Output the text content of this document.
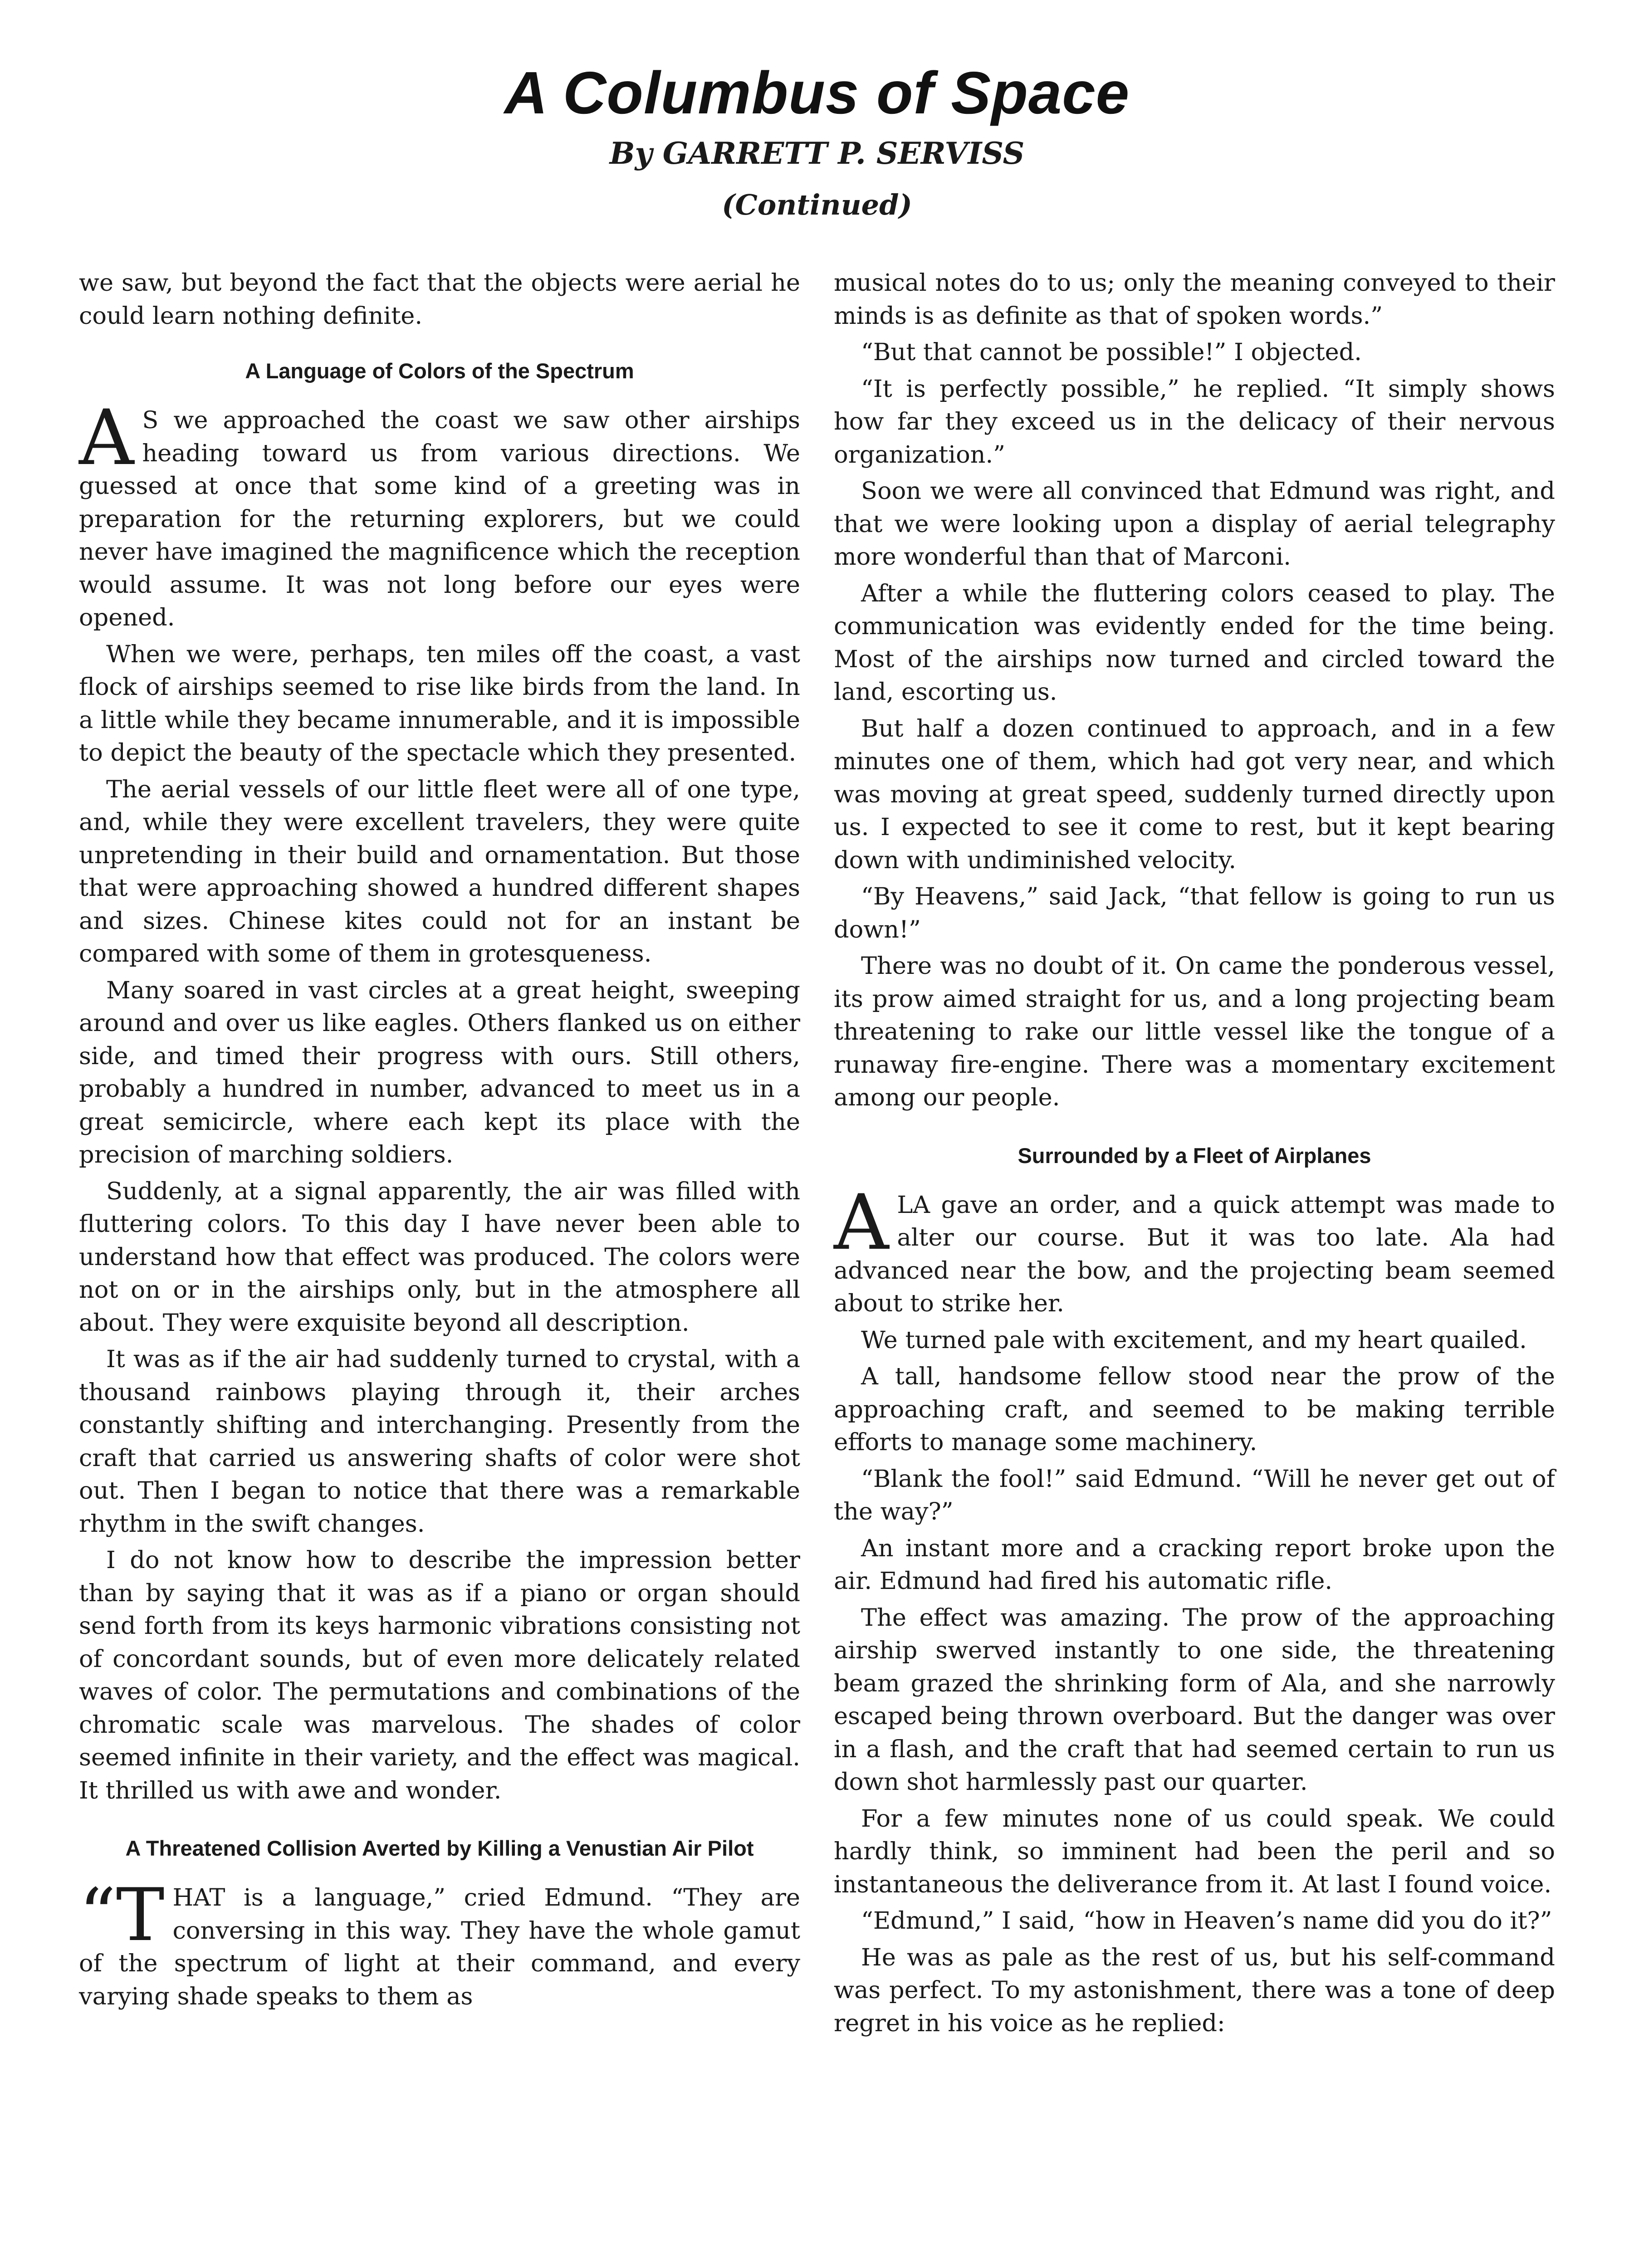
A Columbus of Space
By GARRETT P. SERVISS
(Continued)

we saw, but beyond the fact that the objects were aerial he could learn nothing definite.

A Language of Colors of the Spectrum

A S we approached the coast we saw other airships heading toward us from various directions. We guessed at once that some kind of a greeting was in preparation for the returning explorers, but we could never have imagined the magnificence which the reception would assume. It was not long before our eyes were opened.

When we were, perhaps, ten miles off the coast, a vast flock of airships seemed to rise like birds from the land. In a little while they became innumerable, and it is impossible to depict the beauty of the spectacle which they presented.

The aerial vessels of our little fleet were all of one type, and, while they were excellent travelers, they were quite unpretending in their build and ornamentation. But those that were approaching showed a hundred different shapes and sizes. Chinese kites could not for an instant be compared with some of them in grotesqueness.

Many soared in vast circles at a great height, sweeping around and over us like eagles. Others flanked us on either side, and timed their progress with ours. Still others, probably a hundred in number, advanced to meet us in a great semicircle, where each kept its place with the precision of marching soldiers.

Suddenly, at a signal apparently, the air was filled with fluttering colors. To this day I have never been able to understand how that effect was produced. The colors were not on or in the airships only, but in the atmosphere all about. They were exquisite beyond all description.

It was as if the air had suddenly turned to crystal, with a thousand rainbows playing through it, their arches constantly shifting and interchanging. Presently from the craft that carried us answering shafts of color were shot out. Then I began to notice that there was a remarkable rhythm in the swift changes.

I do not know how to describe the impression better than by saying that it was as if a piano or organ should send forth from its keys harmonic vibrations consisting not of concordant sounds, but of even more delicately related waves of color. The permutations and combinations of the chromatic scale was marvelous. The shades of color seemed infinite in their variety, and the effect was magical. It thrilled us with awe and wonder.

A Threatened Collision Averted by Killing a Venustian Air Pilot

“THAT is a language,” cried Edmund. “They are conversing in this way. They have the whole gamut of the spectrum of light at their command, and every varying shade speaks to them as

musical notes do to us; only the meaning conveyed to their minds is as definite as that of spoken words.”

“But that cannot be possible!” I objected.

“It is perfectly possible,” he replied. “It simply shows how far they exceed us in the delicacy of their nervous organization.”

Soon we were all convinced that Edmund was right, and that we were looking upon a display of aerial telegraphy more wonderful than that of Marconi.

After a while the fluttering colors ceased to play. The communication was evidently ended for the time being. Most of the airships now turned and circled toward the land, escorting us.

But half a dozen continued to approach, and in a few minutes one of them, which had got very near, and which was moving at great speed, suddenly turned directly upon us. I expected to see it come to rest, but it kept bearing down with undiminished velocity.

“By Heavens,” said Jack, “that fellow is going to run us down!”

There was no doubt of it. On came the ponderous vessel, its prow aimed straight for us, and a long projecting beam threatening to rake our little vessel like the tongue of a runaway fire-engine. There was a momentary excitement among our people.

Surrounded by a Fleet of Airplanes

ALA gave an order, and a quick attempt was made to alter our course. But it was too late. Ala had advanced near the bow, and the projecting beam seemed about to strike her.

We turned pale with excitement, and my heart quailed.

A tall, handsome fellow stood near the prow of the approaching craft, and seemed to be making terrible efforts to manage some machinery.

“Blank the fool!” said Edmund. “Will he never get out of the way?”

An instant more and a cracking report broke upon the air. Edmund had fired his automatic rifle.

The effect was amazing. The prow of the approaching airship swerved instantly to one side, the threatening beam grazed the shrinking form of Ala, and she narrowly escaped being thrown overboard. But the danger was over in a flash, and the craft that had seemed certain to run us down shot harmlessly past our quarter.

For a few minutes none of us could speak. We could hardly think, so imminent had been the peril and so instantaneous the deliverance from it. At last I found voice.

“Edmund,” I said, “how in Heaven’s name did you do it?”

He was as pale as the rest of us, but his self-command was perfect. To my astonishment, there was a tone of deep regret in his voice as he replied:
